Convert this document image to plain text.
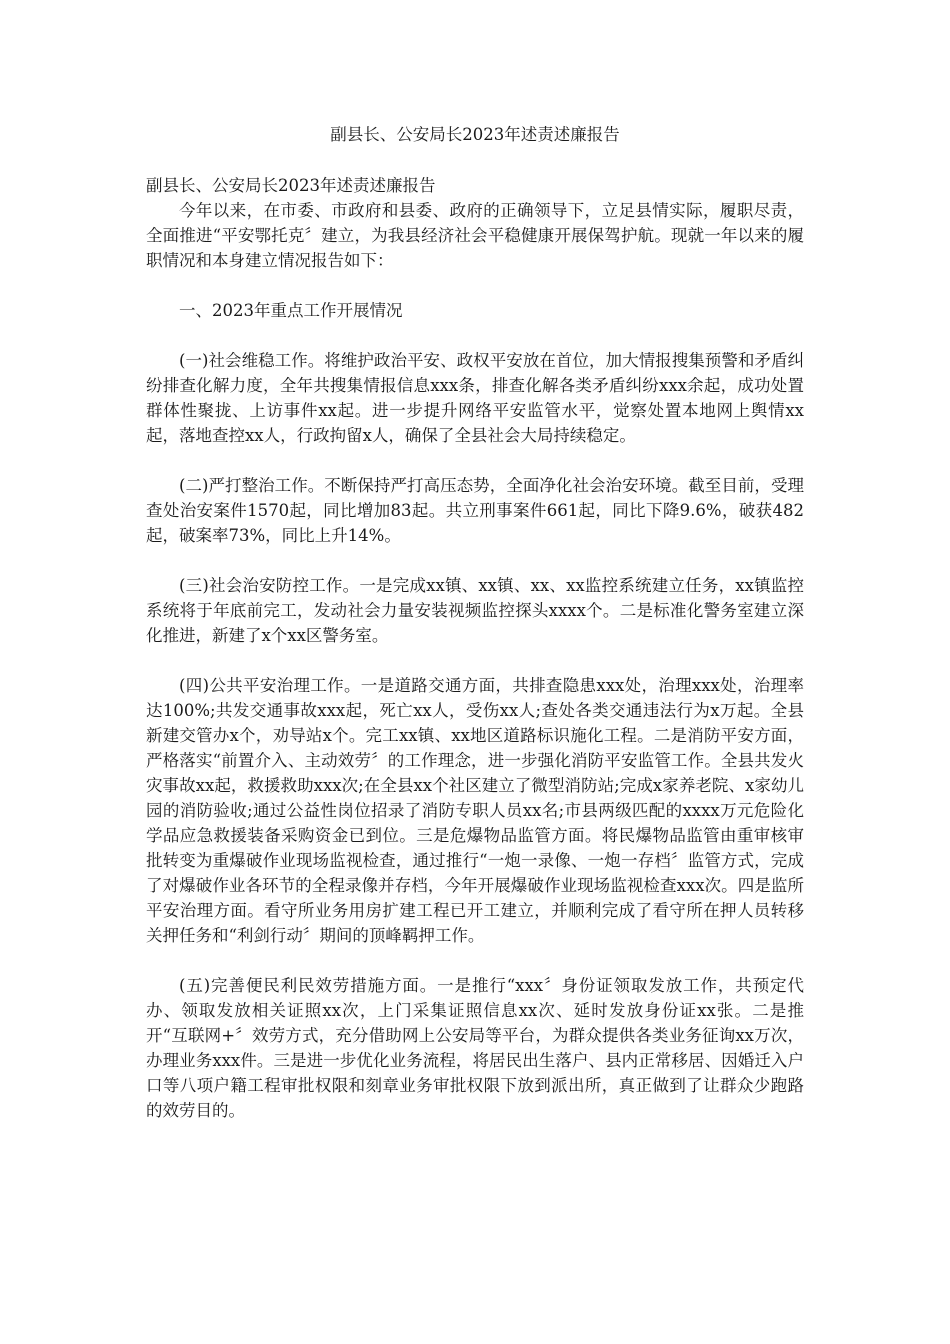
副县长、公安局长2023年述责述廉报告

副县长、公安局长2023年述责述廉报告

今年以来，在市委、市政府和县委、政府的正确领导下，立足县情实际，履职尽责，全面推进“平安鄂托克〞建立，为我县经济社会平稳健康开展保驾护航。现就一年以来的履职情况和本身建立情况报告如下：

一、2023年重点工作开展情况

(一)社会维稳工作。将维护政治平安、政权平安放在首位，加大情报搜集预警和矛盾纠纷排查化解力度，全年共搜集情报信息xxx条，排查化解各类矛盾纠纷xxx余起，成功处置群体性聚拢、上访事件xx起。进一步提升网络平安监管水平，觉察处置本地网上舆情xx起，落地查控xx人，行政拘留x人，确保了全县社会大局持续稳定。

(二)严打整治工作。不断保持严打高压态势，全面净化社会治安环境。截至目前，受理查处治安案件1570起，同比增加83起。共立刑事案件661起，同比下降9.6%，破获482起，破案率73%，同比上升14%。

(三)社会治安防控工作。一是完成xx镇、xx镇、xx、xx监控系统建立任务，xx镇监控系统将于年底前完工，发动社会力量安装视频监控探头xxxx个。二是标准化警务室建立深化推进，新建了x个xx区警务室。

(四)公共平安治理工作。一是道路交通方面，共排查隐患xxx处，治理xxx处，治理率达100%;共发交通事故xxx起，死亡xx人，受伤xx人;查处各类交通违法行为x万起。全县新建交管办x个，劝导站x个。完工xx镇、xx地区道路标识施化工程。二是消防平安方面，严格落实“前置介入、主动效劳〞的工作理念，进一步强化消防平安监管工作。全县共发火灾事故xx起，救援救助xxx次;在全县xx个社区建立了微型消防站;完成x家养老院、x家幼儿园的消防验收;通过公益性岗位招录了消防专职人员xx名;市县两级匹配的xxxx万元危险化学品应急救援装备采购资金已到位。三是危爆物品监管方面。将民爆物品监管由重审核审批转变为重爆破作业现场监视检查，通过推行“一炮一录像、一炮一存档〞监管方式，完成了对爆破作业各环节的全程录像并存档，今年开展爆破作业现场监视检查xxx次。四是监所平安治理方面。看守所业务用房扩建工程已开工建立，并顺利完成了看守所在押人员转移关押任务和“利剑行动〞期间的顶峰羁押工作。

(五)完善便民利民效劳措施方面。一是推行“xxx〞身份证领取发放工作，共预定代办、领取发放相关证照xx次，上门采集证照信息xx次、延时发放身份证xx张。二是推开“互联网+〞效劳方式，充分借助网上公安局等平台，为群众提供各类业务征询xx万次，办理业务xxx件。三是进一步优化业务流程，将居民出生落户、县内正常移居、因婚迁入户口等八项户籍工程审批权限和刻章业务审批权限下放到派出所，真正做到了让群众少跑路的效劳目的。
